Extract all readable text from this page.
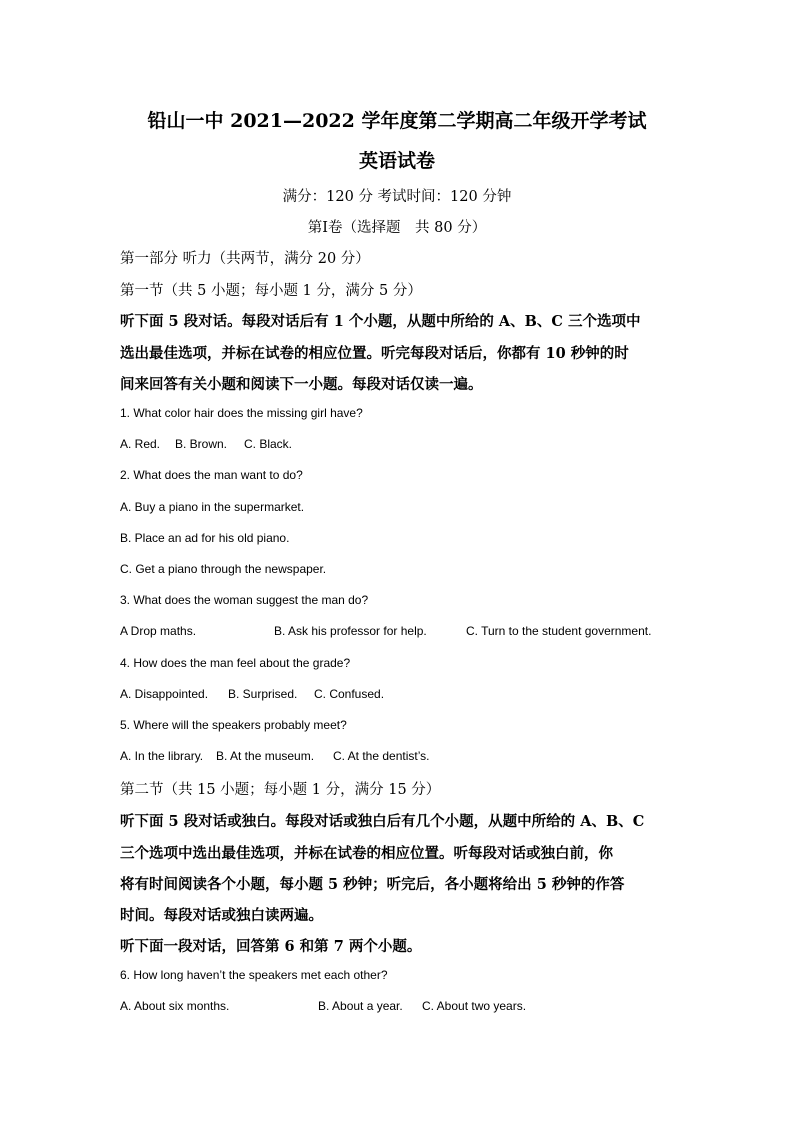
铅山一中 2021—2022 学年度第二学期高二年级开学考试
英语试卷
满分：120 分 考试时间：120 分钟
第Ⅰ卷（选择题　共 80 分）
第一部分 听力（共两节，满分 20 分）
第一节（共 5 小题；每小题 1 分，满分 5 分）
听下面 5 段对话。每段对话后有 1 个小题，从题中所给的 A、B、C 三个选项中
选出最佳选项，并标在试卷的相应位置。听完每段对话后，你都有 10 秒钟的时
间来回答有关小题和阅读下一小题。每段对话仅读一遍。
1. What color hair does the missing girl have?
A. Red. B. Brown. C. Black.
2. What does the man want to do?
A. Buy a piano in the supermarket.
B. Place an ad for his old piano.
C. Get a piano through the newspaper.
3. What does the woman suggest the man do?
A Drop maths.	B. Ask his professor for help.	C. Turn to the student government.
4. How does the man feel about the grade?
A. Disappointed. B. Surprised. C. Confused.
5. Where will the speakers probably meet?
A. In the library. B. At the museum. C. At the dentist’s.
第二节（共 15 小题；每小题 1 分，满分 15 分）
听下面 5 段对话或独白。每段对话或独白后有几个小题，从题中所给的 A、B、C
三个选项中选出最佳选项，并标在试卷的相应位置。听每段对话或独白前，你
将有时间阅读各个小题，每小题 5 秒钟；听完后，各小题将给出 5 秒钟的作答
时间。每段对话或独白读两遍。
听下面一段对话，回答第 6 和第 7 两个小题。
6. How long haven’t the speakers met each other?
A. About six months.	B. About a year. C. About two years.
